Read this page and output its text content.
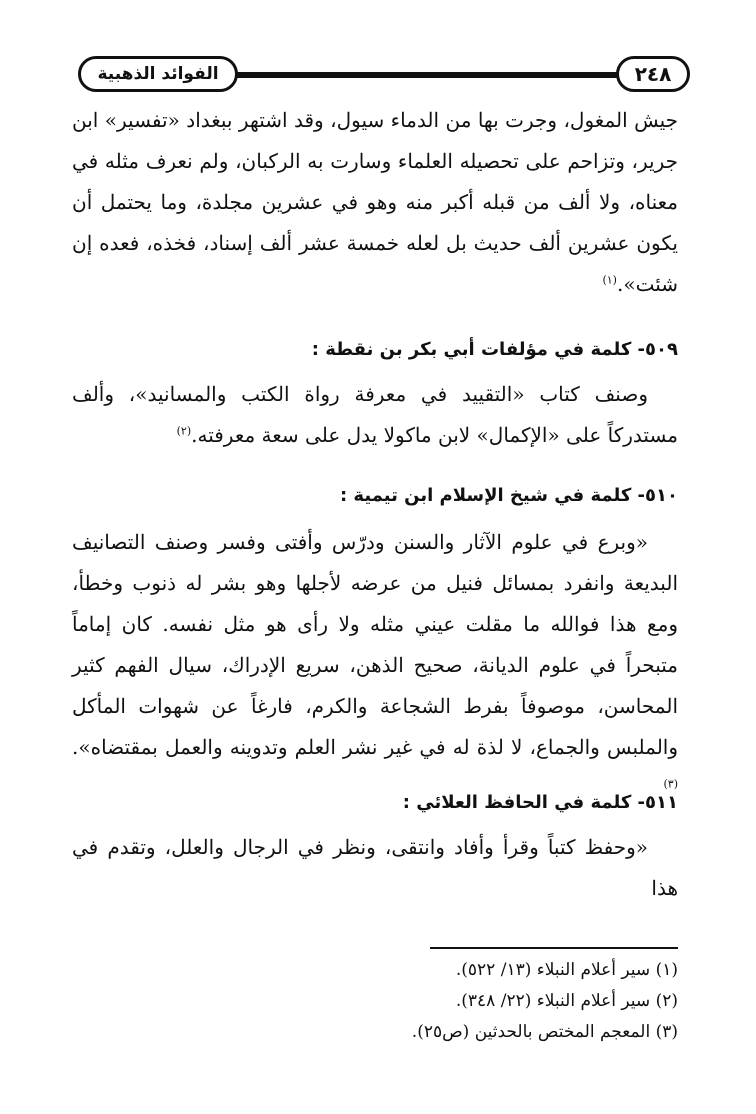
الفوائد الذهبية	٢٤٨

جيش المغول، وجرت بها من الدماء سيول، وقد اشتهر ببغداد «تفسير» ابن جرير، وتزاحم على تحصيله العلماء وسارت به الركبان، ولم نعرف مثله في معناه، ولا ألف من قبله أكبر منه وهو في عشرين مجلدة، وما يحتمل أن يكون عشرين ألف حديث بل لعله خمسة عشر ألف إسناد، فخذه، فعده إن شئت».$^{(١)}$

٥٠٩- كلمة في مؤلفات أبي بكر بن نقطة :

وصنف كتاب «التقييد في معرفة رواة الكتب والمسانيد»، وألف مستدركاً على «الإكمال» لابن ماكولا يدل على سعة معرفته.$^{(٢)}$

٥١٠- كلمة في شيخ الإسلام ابن تيمية :

«وبرع في علوم الآثار والسنن ودرّس وأفتى وفسر وصنف التصانيف البديعة وانفرد بمسائل فنيل من عرضه لأجلها وهو بشر له ذنوب وخطأ، ومع هذا فوالله ما مقلت عيني مثله ولا رأى هو مثل نفسه. كان إماماً متبحراً في علوم الديانة، صحيح الذهن، سريع الإدراك، سيال الفهم كثير المحاسن، موصوفاً بفرط الشجاعة والكرم، فارغاً عن شهوات المأكل والملبس والجماع، لا لذة له في غير نشر العلم وتدوينه والعمل بمقتضاه».$^{(٣)}$

٥١١- كلمة في الحافظ العلائي :

«وحفظ كتباً وقرأ وأفاد وانتقى، ونظر في الرجال والعلل، وتقدم في هذا

(١) سير أعلام النبلاء (١٣/ ٥٢٢).
(٢) سير أعلام النبلاء (٢٢/ ٣٤٨).
(٣) المعجم المختص بالحدثين (ص٢٥).
